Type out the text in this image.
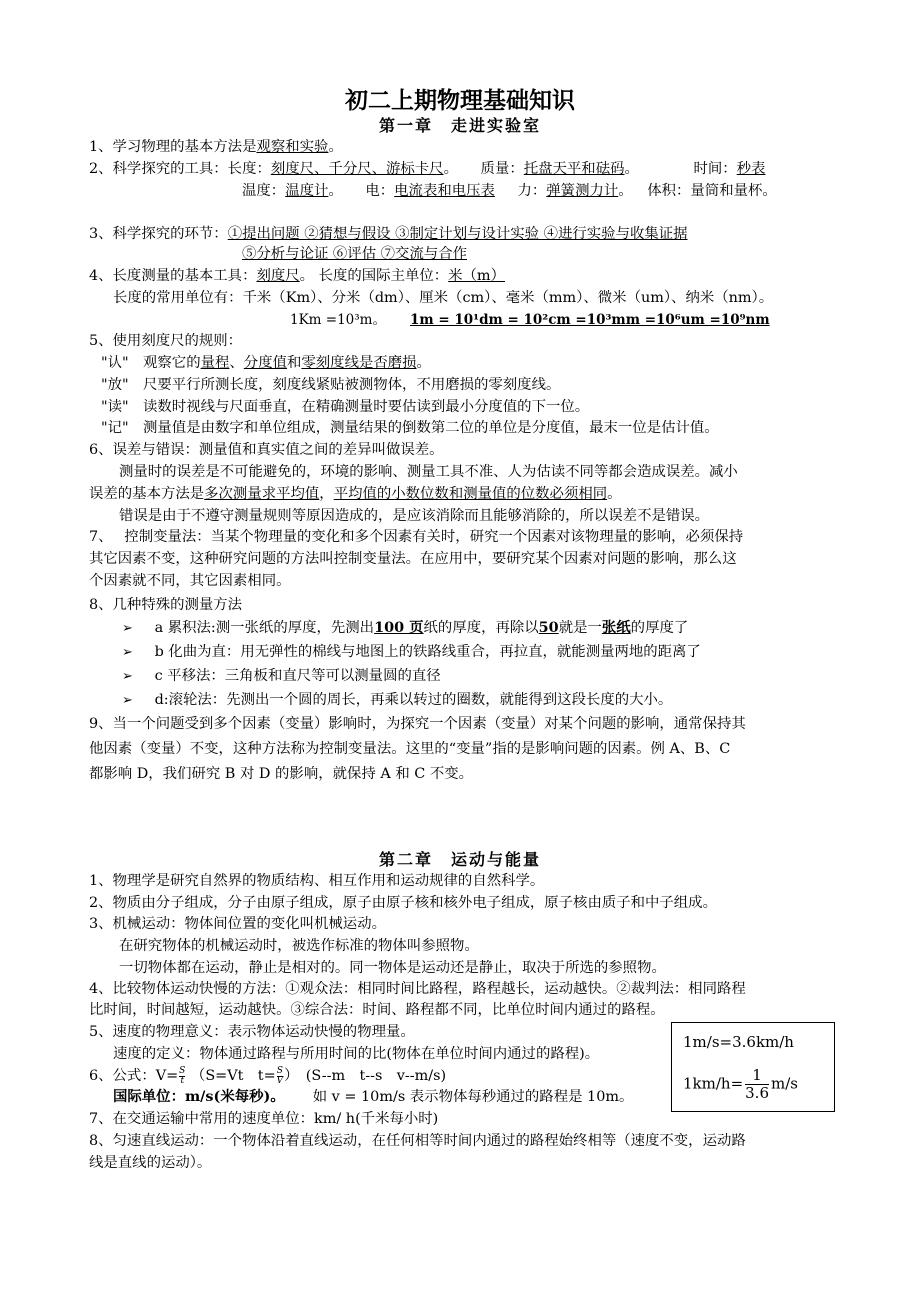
初二上期物理基础知识
第一章　走进实验室
1、学习物理的基本方法是观察和实验。
2、科学探究的工具：长度：刻度尺、千分尺、游标卡尺。 质量：托盘天平和砝码。	时间：秒表
温度：温度计。 电：电流表和电压表 力：弹簧测力计。 体积：量筒和量杯。
3、科学探究的环节：①提出问题 ②猜想与假设 ③制定计划与设计实验 ④进行实验与收集证据
⑤分析与论证 ⑥评估 ⑦交流与合作
4、长度测量的基本工具：刻度尺。 长度的国际主单位：米（m）
长度的常用单位有：千米（Km）、分米（dm）、厘米（cm）、毫米（mm）、微米（um）、纳米（nm）。
1Km =10³m。 1m = 10¹dm = 10²cm =10³mm =10⁶um =10⁹nm
5、使用刻度尺的规则：
"认"　观察它的量程、分度值和零刻度线是否磨损。
"放"　尺要平行所测长度，刻度线紧贴被测物体，不用磨损的零刻度线。
"读"　读数时视线与尺面垂直，在精确测量时要估读到最小分度值的下一位。
"记"　测量值是由数字和单位组成，测量结果的倒数第二位的单位是分度值，最末一位是估计值。
6、误差与错误：测量值和真实值之间的差异叫做误差。
测量时的误差是不可能避免的，环境的影响、测量工具不准、人为估读不同等都会造成误差。减小
误差的基本方法是多次测量求平均值，平均值的小数位数和测量值的位数必须相同。
错误是由于不遵守测量规则等原因造成的，是应该消除而且能够消除的，所以误差不是错误。
7、　 控制变量法：当某个物理量的变化和多个因素有关时，研究一个因素对该物理量的影响，必须保持
其它因素不变，这种研究问题的方法叫控制变量法。在应用中，要研究某个因素对问题的影响，那么这
个因素就不同，其它因素相同。
8、几种特殊的测量方法
➢ a 累积法:测一张纸的厚度，先测出100 页纸的厚度，再除以50就是一张纸的厚度了
➢ b 化曲为直：用无弹性的棉线与地图上的铁路线重合，再拉直，就能测量两地的距离了
➢ c 平移法：三角板和直尺等可以测量圆的直径
➢ d:滚轮法：先测出一个圆的周长，再乘以转过的圈数，就能得到这段长度的大小。
9、当一个问题受到多个因素（变量）影响时，为探究一个因素（变量）对某个问题的影响，通常保持其
他因素（变量）不变，这种方法称为控制变量法。这里的“变量”指的是影响问题的因素。例 A、B、C
都影响 D，我们研究 B 对 D 的影响，就保持 A 和 C 不变。
第二章　运动与能量
1、物理学是研究自然界的物质结构、相互作用和运动规律的自然科学。
2、物质由分子组成，分子由原子组成，原子由原子核和核外电子组成，原子核由质子和中子组成。
3、机械运动：物体间位置的变化叫机械运动。
在研究物体的机械运动时，被选作标准的物体叫参照物。
一切物体都在运动，静止是相对的。同一物体是运动还是静止，取决于所选的参照物。
4、比较物体运动快慢的方法：①观众法：相同时间比路程，路程越长，运动越快。②裁判法：相同路程
比时间，时间越短，运动越快。③综合法：时间、路程都不同，比单位时间内通过的路程。
5、速度的物理意义：表示物体运动快慢的物理量。
速度的定义：物体通过路程与所用时间的比(物体在单位时间内通过的路程)。
6、公式：$V= \frac{S}{t} (S=Vt$　$t= \frac{S}{V}$ ）　(S--m　t--s　v--m/s)
国际单位：m/s(米每秒)。 如 v = 10m/s 表示物体每秒通过的路程是 10m。
7、在交通运输中常用的速度单位：km/ h(千米每小时)
8、匀速直线运动：一个物体沿着直线运动，在任何相等时间内通过的路程始终相等（速度不变，运动路
线是直线的运动）。
1m/s=3.6km/h
$1km/h= \frac{1}{3.6} m/s$
